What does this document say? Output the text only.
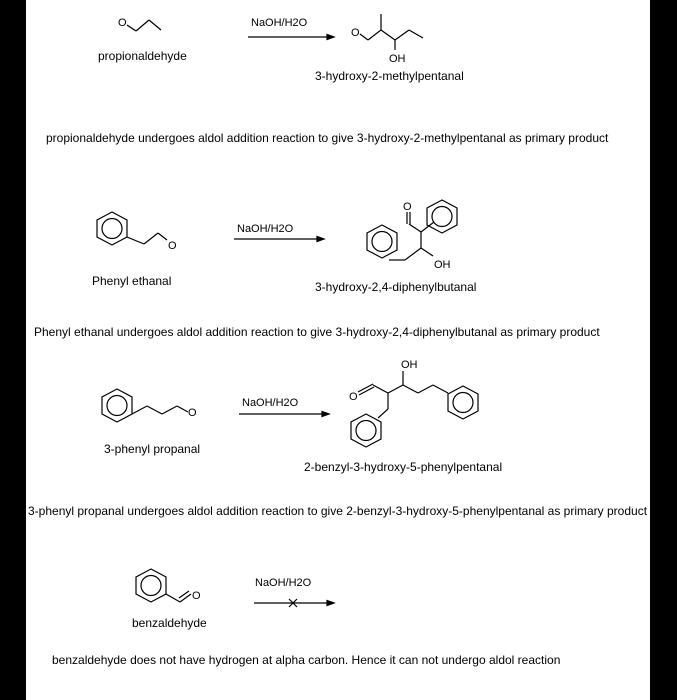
O
propionaldehyde
NaOH/H2O
O
OH
3-hydroxy-2-methylpentanal
propionaldehyde undergoes aldol addition reaction to give 3-hydroxy-2-methylpentanal as primary product
O
Phenyl ethanal
NaOH/H2O
O
OH
3-hydroxy-2,4-diphenylbutanal
Phenyl ethanal undergoes aldol addition reaction to give 3-hydroxy-2,4-diphenylbutanal as primary product
O
3-phenyl propanal
NaOH/H2O
OH
O
2-benzyl-3-hydroxy-5-phenylpentanal
3-phenyl propanal undergoes aldol addition reaction to give 2-benzyl-3-hydroxy-5-phenylpentanal as primary product
O
benzaldehyde
NaOH/H2O
benzaldehyde does not have hydrogen at alpha carbon. Hence it can not undergo aldol reaction
